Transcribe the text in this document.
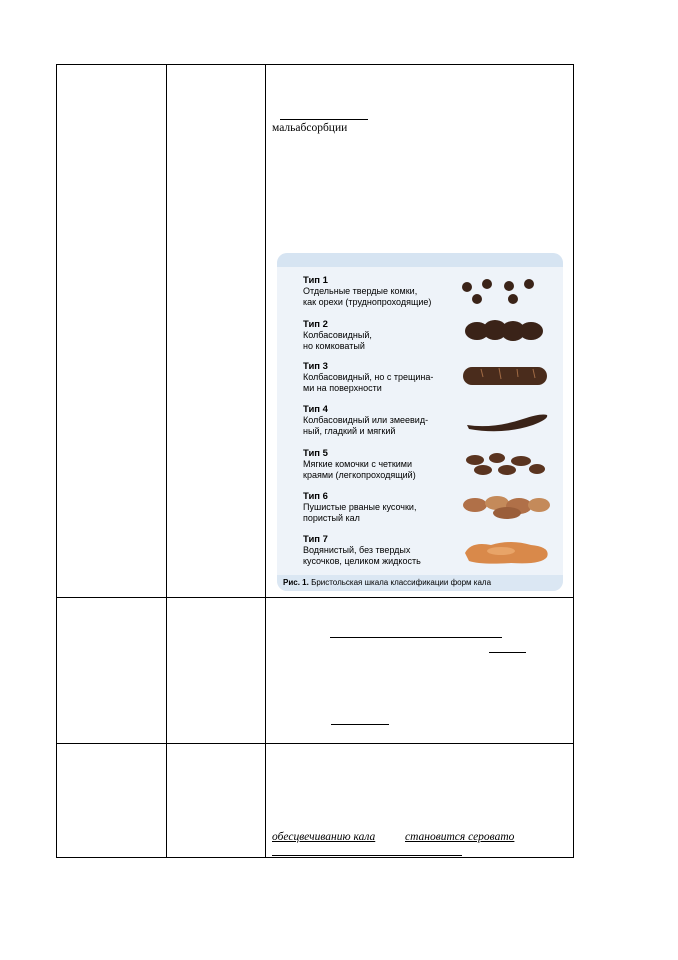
мальабсорбции
Тип 1
Отдельные твердые комки,
как орехи (труднопроходящие)
Тип 2
Колбасовидный,
но комковатый
Тип 3
Колбасовидный, но с трещина-
ми на поверхности
Тип 4
Колбасовидный или змеевид-
ный, гладкий и мягкий
Тип 5
Мягкие комочки с четкими
краями (легкопроходящий)
Тип 6
Пушистые рваные кусочки,
пористый кал
Тип 7
Водянистый, без твердых
кусочков, целиком жидкость
Рис. 1. Бристольская шкала классификации форм кала
обесцвечиванию кала	становится серовато
